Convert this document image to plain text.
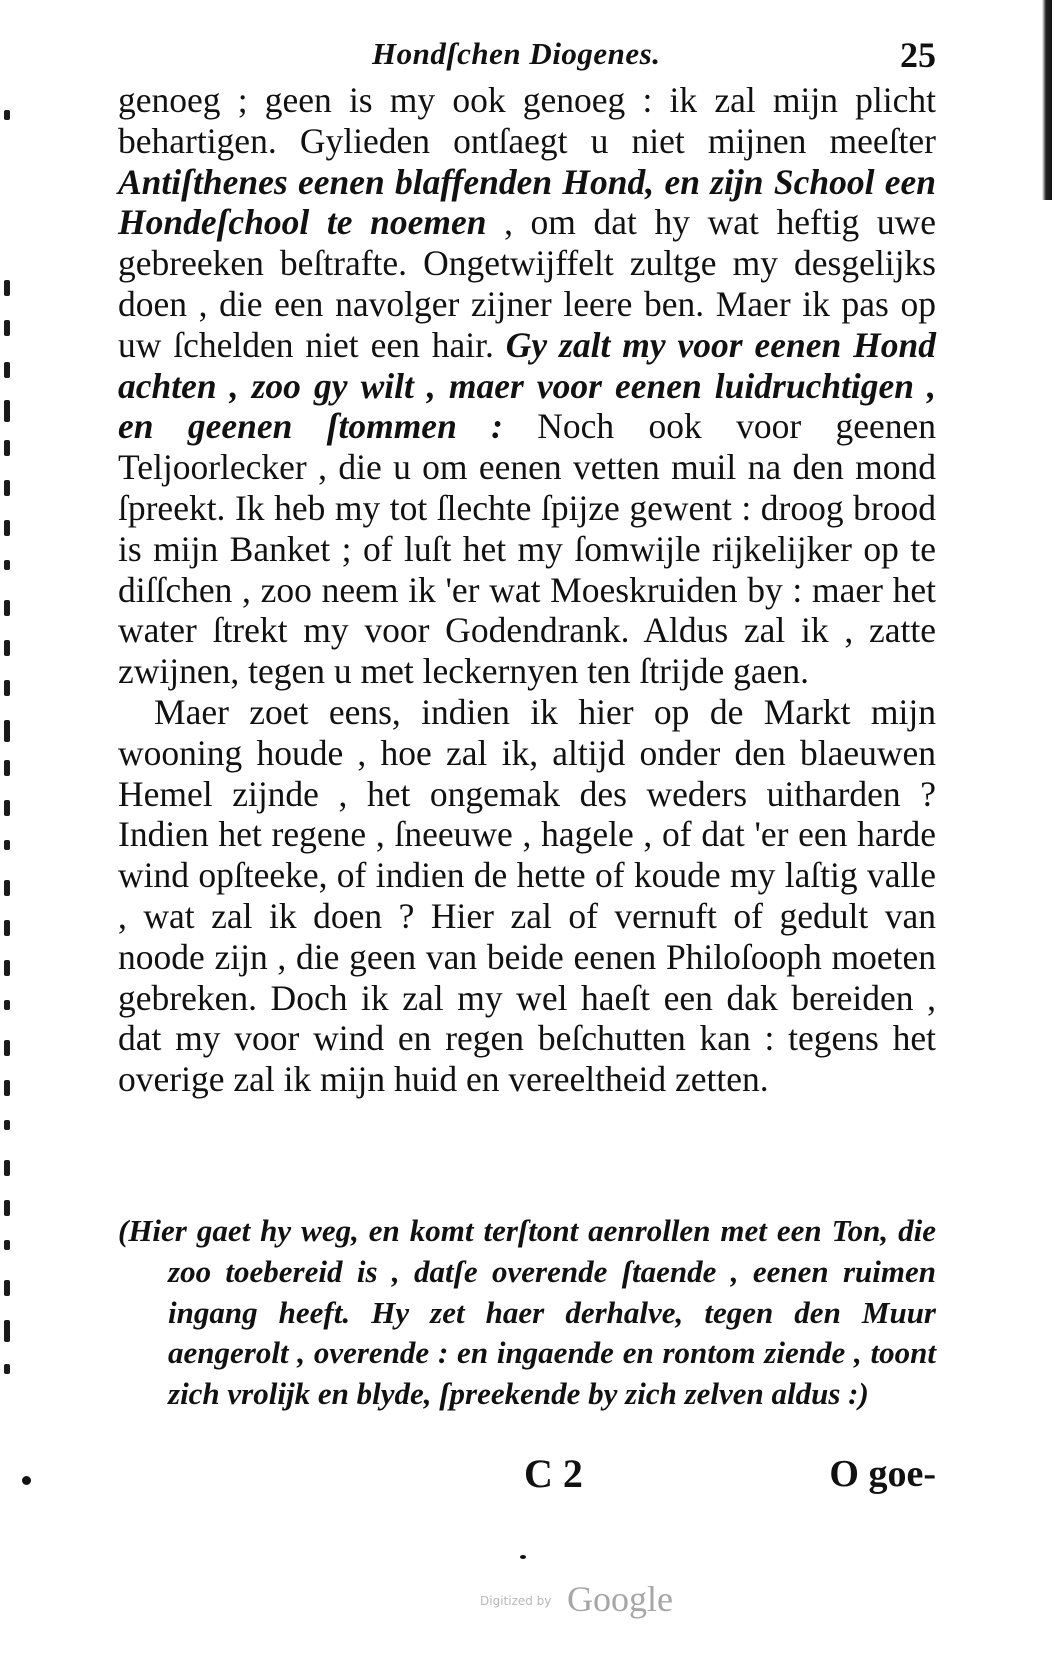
Hondſchen Diogenes.	25

genoeg ; geen is my ook genoeg : ik zal mijn plicht behartigen. Gylieden ontſaegt u niet mijnen meeſter Antiſthenes eenen blaffenden Hond, en zijn School een Hondeſchool te noemen , om dat hy wat heftig uwe gebreeken beſtrafte. Ongetwijffelt zultge my desgelijks doen , die een navolger zijner leere ben. Maer ik pas op uw ſchelden niet een hair. Gy zalt my voor eenen Hond achten , zoo gy wilt , maer voor eenen luidruchtigen , en geenen ſtommen : Noch ook voor geenen Teljoorlecker , die u om eenen vetten muil na den mond ſpreekt. Ik heb my tot ſlechte ſpijze gewent : droog brood is mijn Banket ; of luſt het my ſomwijle rijkelijker op te diſſchen , zoo neem ik 'er wat Moeskruiden by : maer het water ſtrekt my voor Godendrank. Aldus zal ik , zatte zwijnen, tegen u met leckernyen ten ſtrijde gaen.

Maer zoet eens, indien ik hier op de Markt mijn wooning houde , hoe zal ik, altijd onder den blaeuwen Hemel zijnde , het ongemak des weders uitharden ? Indien het regene , ſneeuwe , hagele , of dat 'er een harde wind opſteeke, of indien de hette of koude my laſtig valle , wat zal ik doen ? Hier zal of vernuft of gedult van noode zijn , die geen van beide eenen Philoſooph moeten gebreken. Doch ik zal my wel haeſt een dak bereiden , dat my voor wind en regen beſchutten kan : tegens het overige zal ik mijn huid en vereeltheid zetten.

(Hier gaet hy weg, en komt terſtont aenrollen met een Ton, die zoo toebereid is , datſe overende ſtaende , eenen ruimen ingang heeft. Hy zet haer derhalve, tegen den Muur aengerolt , overende : en ingaende en rontom ziende , toont zich vrolijk en blyde, ſpreekende by zich zelven aldus :)
C 2	O goe-
Digitized by Google
